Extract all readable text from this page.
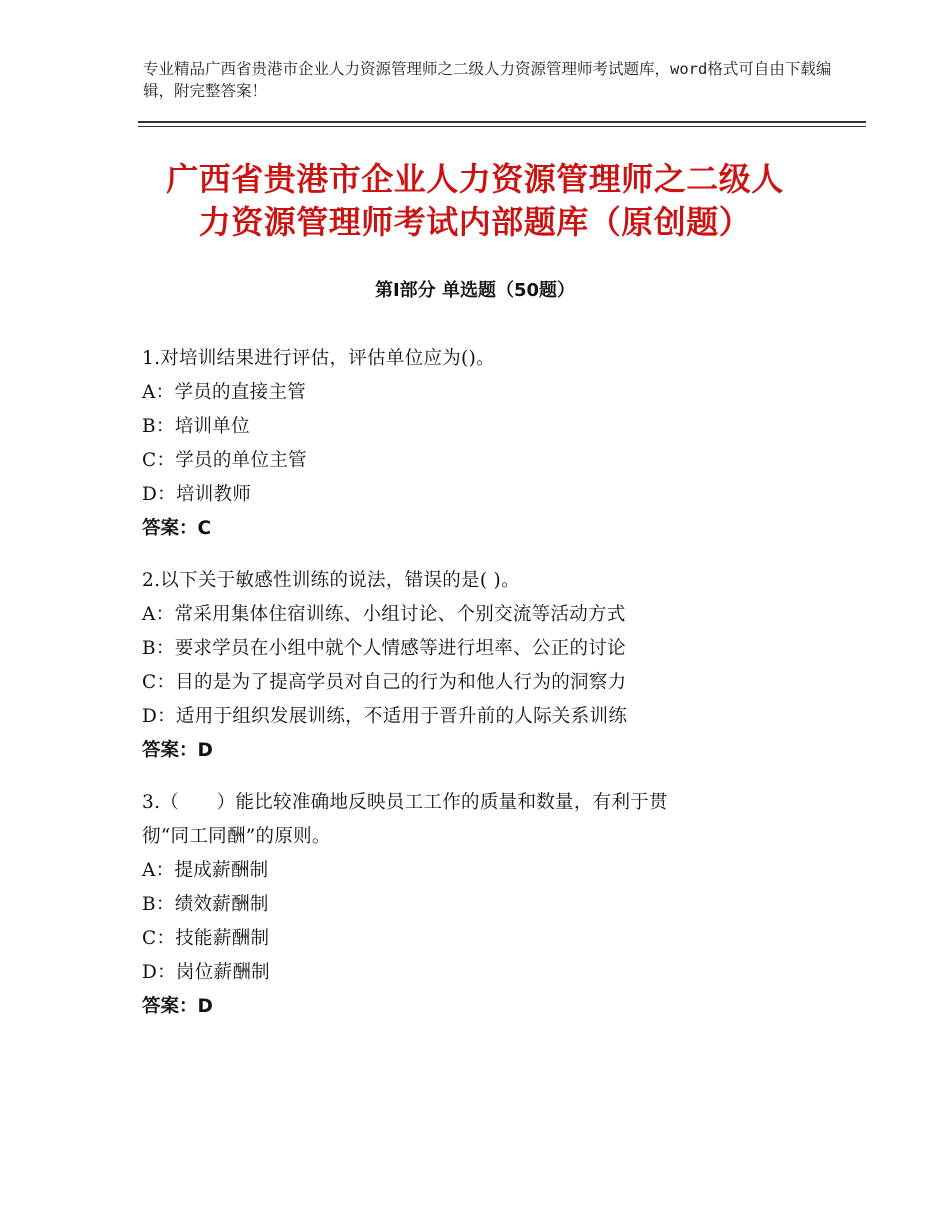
专业精品广西省贵港市企业人力资源管理师之二级人力资源管理师考试题库，word格式可自由下载编辑，附完整答案！
广西省贵港市企业人力资源管理师之二级人
力资源管理师考试内部题库（原创题）
第Ⅰ部分 单选题（50题）
1.对培训结果进行评估，评估单位应为()。
A：学员的直接主管
B：培训单位
C：学员的单位主管
D：培训教师
答案：C
2.以下关于敏感性训练的说法，错误的是( )。
A：常采用集体住宿训练、小组讨论、个别交流等活动方式
B：要求学员在小组中就个人情感等进行坦率、公正的讨论
C：目的是为了提高学员对自己的行为和他人行为的洞察力
D：适用于组织发展训练，不适用于晋升前的人际关系训练
答案：D
3.（　　）能比较准确地反映员工工作的质量和数量，有利于贯
彻“同工同酬”的原则。
A：提成薪酬制
B：绩效薪酬制
C：技能薪酬制
D：岗位薪酬制
答案：D
